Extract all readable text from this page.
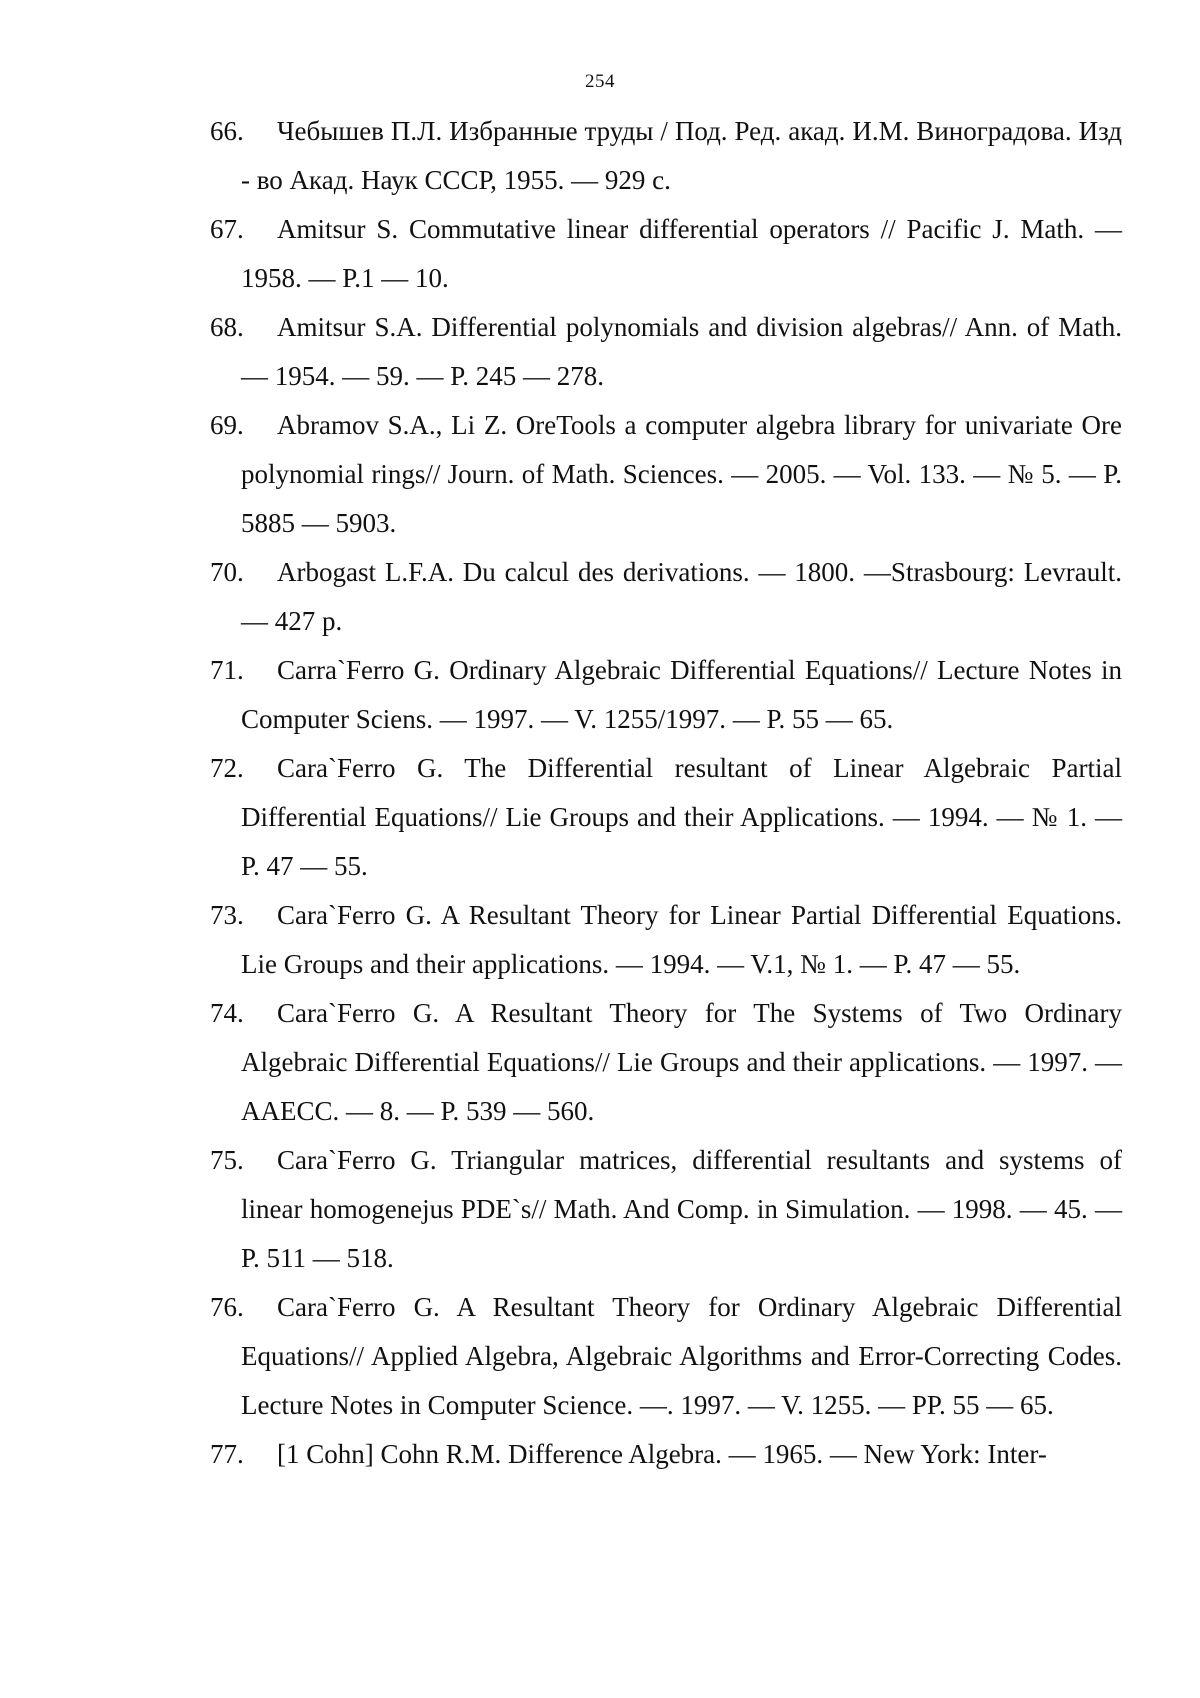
254
66.	Чебышев П.Л. Избранные труды / Под. Ред. акад. И.М. Виноградова. Изд - во Акад. Наук СССР, 1955. — 929 с.
67.	Amitsur S. Commutative linear differential operators // Pacific J. Math. — 1958. — P.1 — 10.
68.	Amitsur S.A. Differential polynomials and division algebras// Ann. of Math. — 1954. — 59. — P. 245 — 278.
69.	Abramov S.A., Li Z. OreTools a computer algebra library for univariate Ore polynomial rings// Journ. of Math. Sciences. — 2005. — Vol. 133. — № 5. — P. 5885 — 5903.
70.	Arbogast L.F.A. Du calcul des derivations. — 1800. —Strasbourg: Levrault. — 427 p.
71.	Carra`Ferro G. Ordinary Algebraic Differential Equations// Lecture Notes in Computer Sciens. — 1997. — V. 1255/1997. — P. 55 — 65.
72.	Cara`Ferro G. The Differential resultant of Linear Algebraic Partial Differential Equations// Lie Groups and their Applications. — 1994. — № 1. — P. 47 — 55.
73.	Cara`Ferro G. A Resultant Theory for Linear Partial Differential Equations. Lie Groups and their applications. — 1994. — V.1, № 1. — P. 47 — 55.
74.	Cara`Ferro G. A Resultant Theory for The Systems of Two Ordinary Algebraic Differential Equations// Lie Groups and their applications. — 1997. — AAECC. — 8. — P. 539 — 560.
75.	Cara`Ferro G. Triangular matrices, differential resultants and systems of linear homogenejus PDE`s// Math. And Comp. in Simulation. — 1998. — 45. — P. 511 — 518.
76.	Cara`Ferro G. A Resultant Theory for Ordinary Algebraic Differential Equations// Applied Algebra, Algebraic Algorithms and Error-Correcting Codes. Lecture Notes in Computer Science. —. 1997. — V. 1255. — PP. 55 — 65.
77.	[1 Cohn] Cohn R.M. Difference Algebra. — 1965. — New York: Inter-
